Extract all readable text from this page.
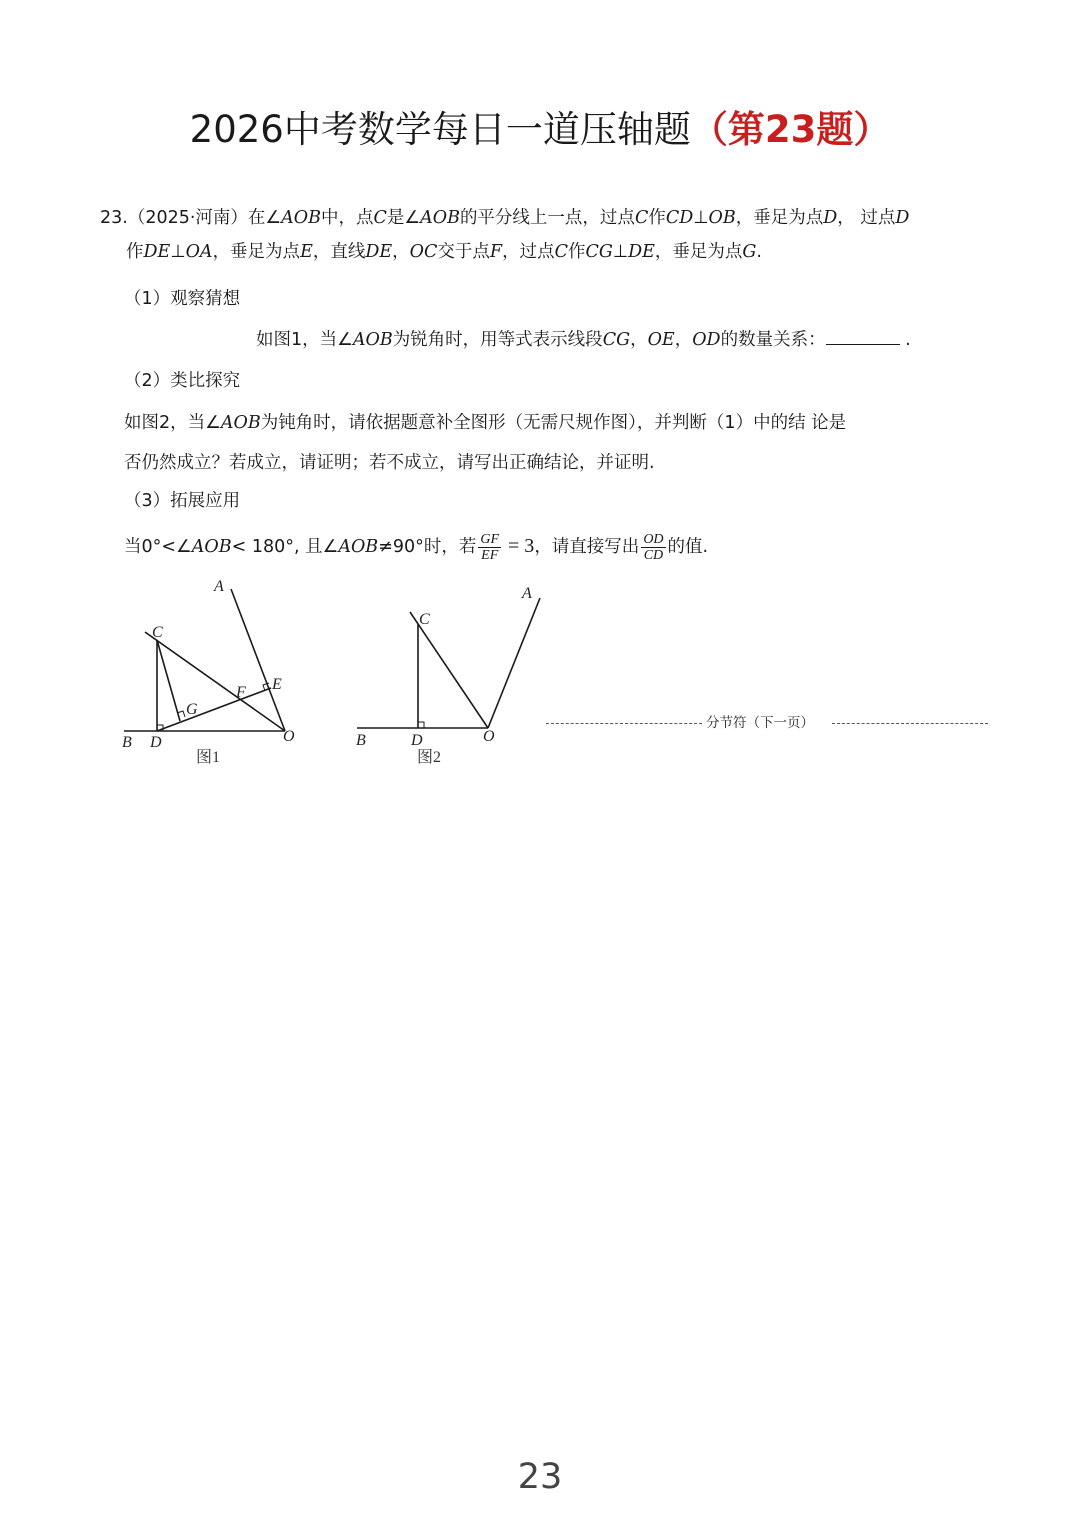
2026中考数学每日一道压轴题（第23题）
23.（2025·河南）在∠AOB中，点C是∠AOB的平分线上一点，过点C作CD⊥OB，垂足为点D， 过点D
作DE⊥OA，垂足为点E，直线DE，OC交于点F，过点C作CG⊥DE，垂足为点G.
（1）观察猜想
如图1，当∠AOB为锐角时，用等式表示线段CG，OE，OD的数量关系：	.
（2）类比探究
如图2，当∠AOB为钝角时，请依据题意补全图形（无需尺规作图），并判断（1）中的结 论是
否仍然成立？若成立，请证明；若不成立，请写出正确结论，并证明.
（3）拓展应用
当0°<∠AOB< 180°, 且∠AOB≠90°时，若 $\frac{GF}{EF} = 3$，请直接写出 $\frac{OD}{CD}$ 的值.
A
C
F E
G
B D	O
图1
A
C
B	D	O
图2
分节符（下一页）
23
